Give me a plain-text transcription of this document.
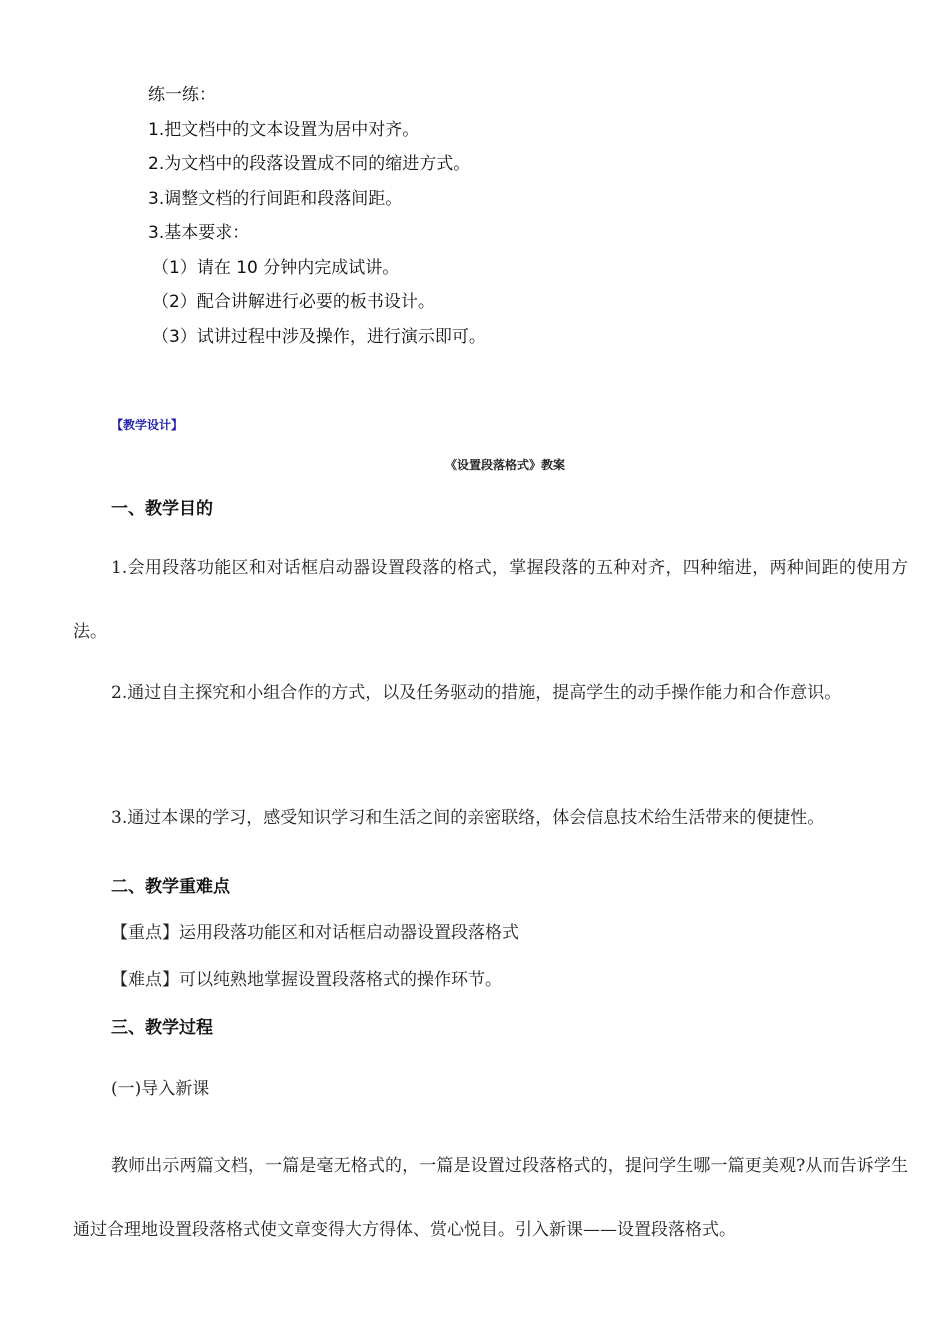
练一练：
1.把文档中的文本设置为居中对齐。
2.为文档中的段落设置成不同的缩进方式。
3.调整文档的行间距和段落间距。
3.基本要求：
（1）请在 10 分钟内完成试讲。
（2）配合讲解进行必要的板书设计。
（3）试讲过程中涉及操作，进行演示即可。
【教学设计】
《设置段落格式》教案
一、教学目的

1.会用段落功能区和对话框启动器设置段落的格式，掌握段落的五种对齐，四种缩进，两种间距的使用方法。

2.通过自主探究和小组合作的方式，以及任务驱动的措施，提高学生的动手操作能力和合作意识。

3.通过本课的学习，感受知识学习和生活之间的亲密联络，体会信息技术给生活带来的便捷性。

二、教学重难点
【重点】运用段落功能区和对话框启动器设置段落格式
【难点】可以纯熟地掌握设置段落格式的操作环节。
三、教学过程
(一)导入新课

教师出示两篇文档，一篇是毫无格式的，一篇是设置过段落格式的，提问学生哪一篇更美观?从而告诉学生通过合理地设置段落格式使文章变得大方得体、赏心悦目。引入新课——设置段落格式。
